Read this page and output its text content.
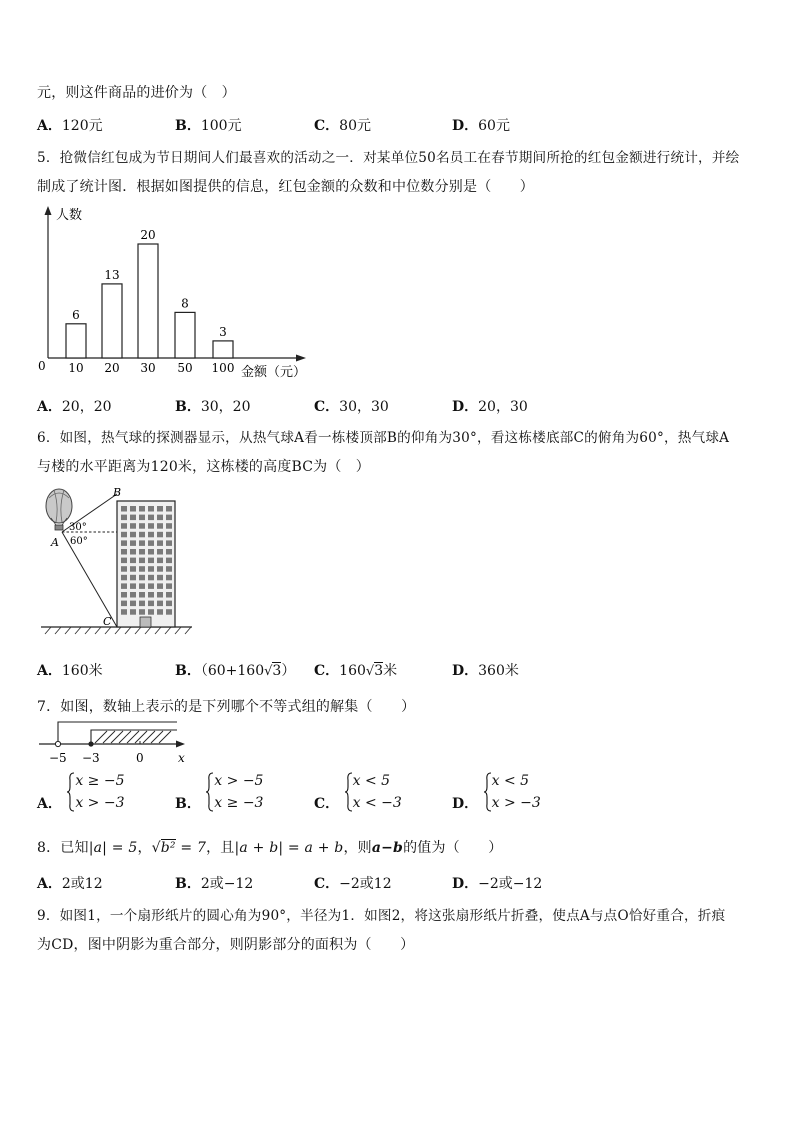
元，则这件商品的进价为（　）
A．120元	B．100元	C．80元	D．60元
5．抢微信红包成为节日期间人们最喜欢的活动之一．对某单位50名员工在春节期间所抢的红包金额进行统计，并绘
制成了统计图．根据如图提供的信息，红包金额的众数和中位数分别是（　　）
人数
0	金额（元）
6
10
13
20
20
30
8
50
3
100
A．20，20	B．30，20	C．30，30	D．20，30
6．如图，热气球的探测器显示，从热气球A看一栋楼顶部B的仰角为30°，看这栋楼底部C的俯角为60°，热气球A
与楼的水平距离为120米，这栋楼的高度BC为（　）
B
A
C
30°
60°
A．160米	B．（60+160√3） C．160√3米	D．360米
7．如图，数轴上表示的是下列哪个不等式组的解集（　　）
−5 −3	0	x
A．
x ≥ −5
x > −3	B．
x > −5
x ≥ −3	C．
x < 5
x < −3	D．
x < 5
x > −3
8．已知|a| = 5，√b² = 7，且|a + b| = a + b，则a−b的值为（　　）
A．2或12	B．2或−12	C．−2或12	D．−2或−12
9．如图1，一个扇形纸片的圆心角为90°，半径为1．如图2，将这张扇形纸片折叠，使点A与点O恰好重合，折痕
为CD，图中阴影为重合部分，则阴影部分的面积为（　　）
